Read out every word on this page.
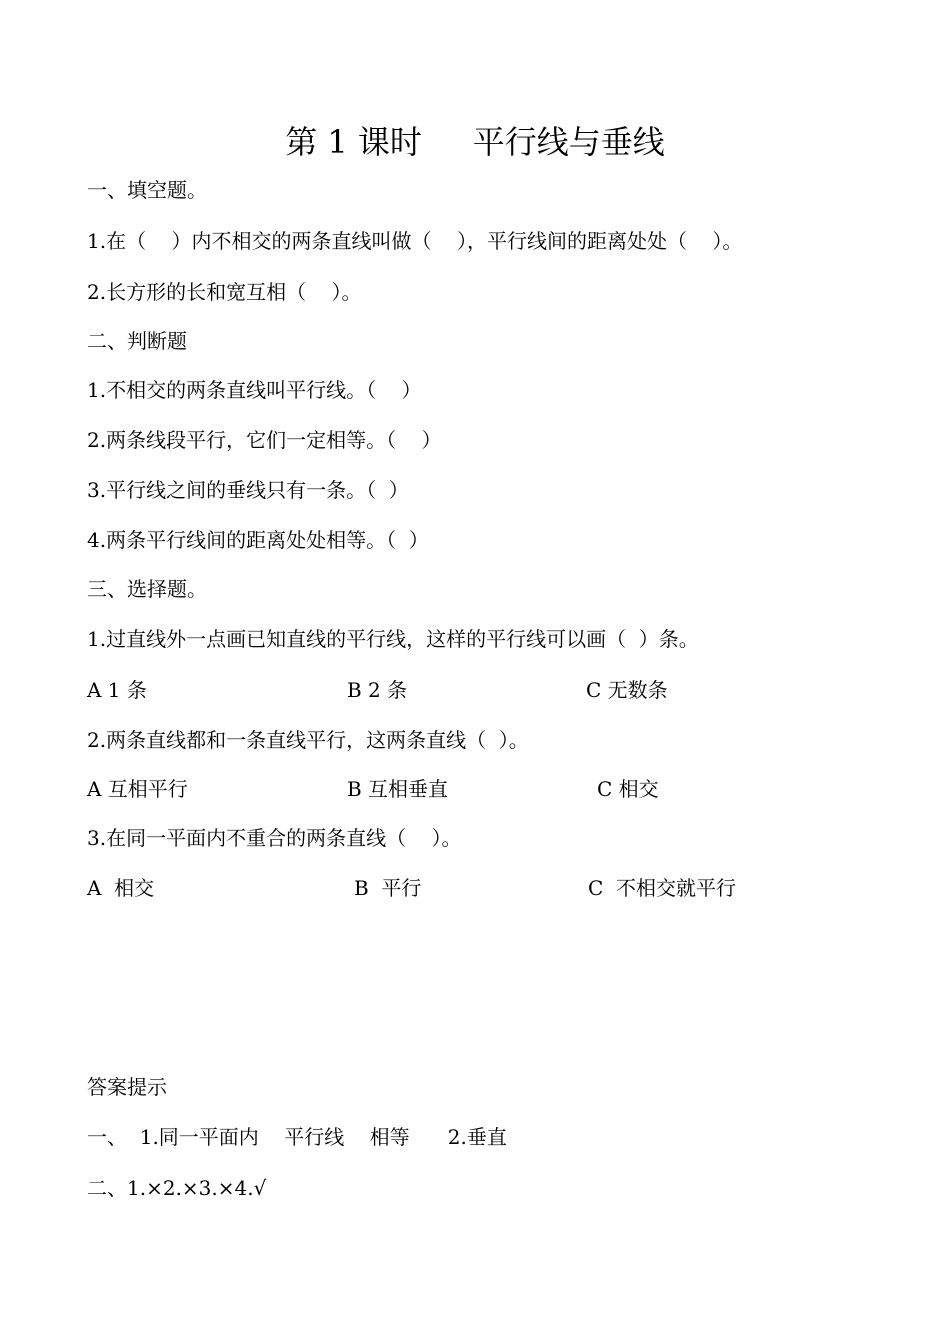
第 1 课时     平行线与垂线
一、填空题。
1.在（    ）内不相交的两条直线叫做（    ），平行线间的距离处处（    ）。
2.长方形的长和宽互相（    ）。
二、判断题
1.不相交的两条直线叫平行线。（    ）
2.两条线段平行，它们一定相等。（    ）
3.平行线之间的垂线只有一条。（  ）
4.两条平行线间的距离处处相等。（  ）
三、选择题。
1.过直线外一点画已知直线的平行线，这样的平行线可以画（  ）条。
A 1 条	B 2 条	C 无数条
2.两条直线都和一条直线平行，这两条直线（  ）。
A 互相平行	B 互相垂直	C 相交
3.在同一平面内不重合的两条直线（    ）。
A  相交	B  平行	C  不相交就平行
答案提示
一、  1.同一平面内    平行线    相等      2.垂直
二、1.×2.×3.×4.√
